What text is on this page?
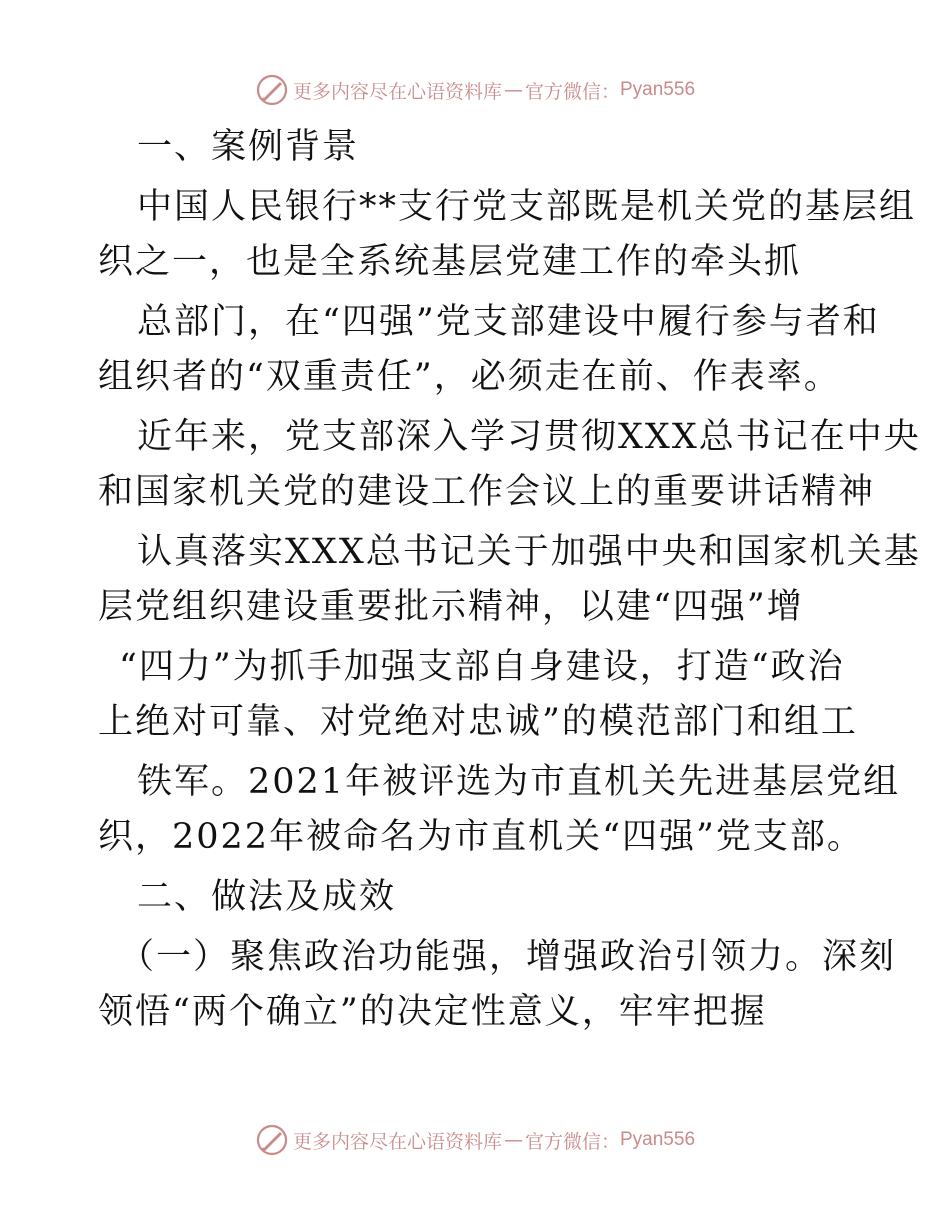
更多内容尽在心语资料库 — 官方微信： Pyan556
一、案例背景
中国人民银行**支行党支部既是机关党的基层组
织之一，也是全系统基层党建工作的牵头抓
总部门，在“四强”党支部建设中履行参与者和
组织者的“双重责任”，必须走在前、作表率。
近年来，党支部深入学习贯彻XXX总书记在中央
和国家机关党的建设工作会议上的重要讲话精神
认真落实XXX总书记关于加强中央和国家机关基
层党组织建设重要批示精神，以建“四强”增
“四力”为抓手加强支部自身建设，打造“政治
上绝对可靠、对党绝对忠诚”的模范部门和组工
铁军。2021年被评选为市直机关先进基层党组
织，2022年被命名为市直机关“四强”党支部。
二、做法及成效
（一）聚焦政治功能强，增强政治引领力。深刻
领悟“两个确立”的决定性意义，牢牢把握
更多内容尽在心语资料库 — 官方微信： Pyan556
